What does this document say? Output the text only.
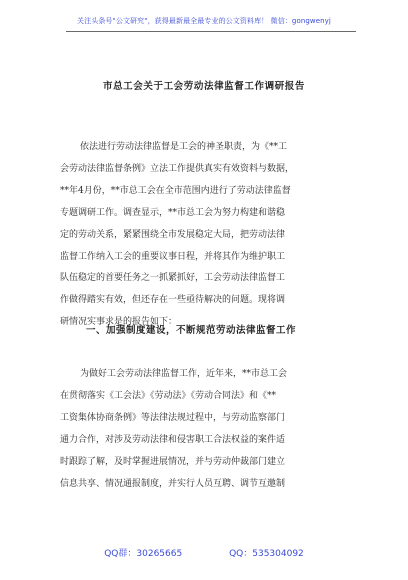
关注头条号"公文研究"，获得最新最全最专业的公文资料库！ 微信：gongwenyj
市总工会关于工会劳动法律监督工作调研报告
依法进行劳动法律监督是工会的神圣职责，为《**工
会劳动法律监督条例》立法工作提供真实有效资料与数据，
**年4月份，**市总工会在全市范围内进行了劳动法律监督
专题调研工作。调查显示，**市总工会为努力构建和谐稳
定的劳动关系，紧紧围绕全市发展稳定大局，把劳动法律
监督工作纳入工会的重要议事日程，并将其作为维护职工
队伍稳定的首要任务之一抓紧抓好，工会劳动法律监督工
作做得踏实有效，但还存在一些亟待解决的问题。现将调
研情况实事求是的报告如下：
一、加强制度建设，不断规范劳动法律监督工作
为做好工会劳动法律监督工作，近年来，**市总工会
在贯彻落实《工会法》《劳动法》《劳动合同法》和《**
工资集体协商条例》等法律法规过程中，与劳动监察部门
通力合作，对涉及劳动法律和侵害职工合法权益的案件适
时跟踪了解，及时掌握进展情况，并与劳动仲裁部门建立
信息共享、情况通报制度，并实行人员互聘、调节互邀制
QQ群：30265665	QQ：535304092
